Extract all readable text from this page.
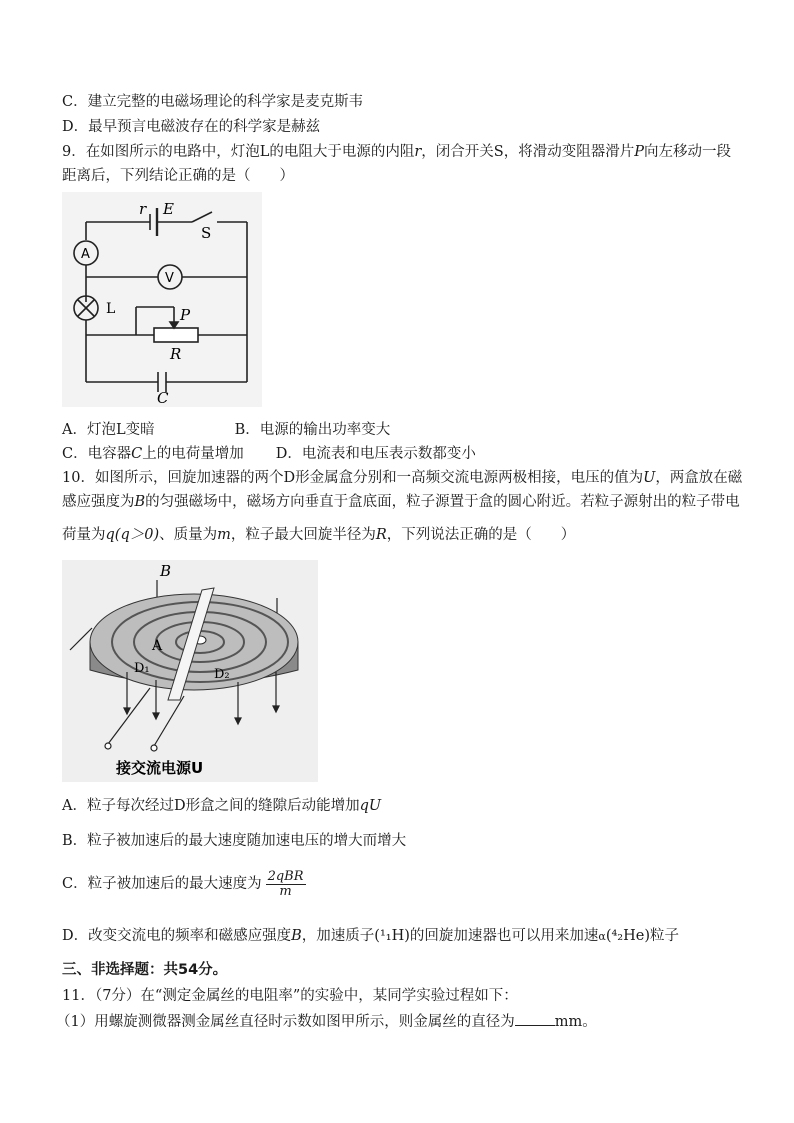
C．建立完整的电磁场理论的科学家是麦克斯韦
D．最早预言电磁波存在的科学家是赫兹
9．在如图所示的电路中，灯泡L的电阻大于电源的内阻r，闭合开关S，将滑动变阻器滑片P向左移动一段
距离后，下列结论正确的是（　　）
r E
S
A
V
L	P
R
C
A．灯泡L变暗	B．电源的输出功率变大
C．电容器C上的电荷量增加 D．电流表和电压表示数都变小
10．如图所示，回旋加速器的两个D形金属盒分别和一高频交流电源两极相接，电压的值为U，两盒放在磁
感应强度为B的匀强磁场中，磁场方向垂直于盒底面，粒子源置于盒的圆心附近。若粒子源射出的粒子带电
荷量为q(q＞0)、质量为m，粒子最大回旋半径为R，下列说法正确的是（　　）
B
A
D₁	D₂
接交流电源U
A．粒子每次经过D形盒之间的缝隙后动能增加qU
B．粒子被加速后的最大速度随加速电压的增大而增大
C．粒子被加速后的最大速度为 $\frac{\text{2qBR}}{m}$
D．改变交流电的频率和磁感应强度B，加速质子(¹₁H)的回旋加速器也可以用来加速α(⁴₂He)粒子
三、非选择题：共54分。
11．（7分）在“测定金属丝的电阻率”的实验中，某同学实验过程如下：
（1）用螺旋测微器测金属丝直径时示数如图甲所示，则金属丝的直径为	mm。
